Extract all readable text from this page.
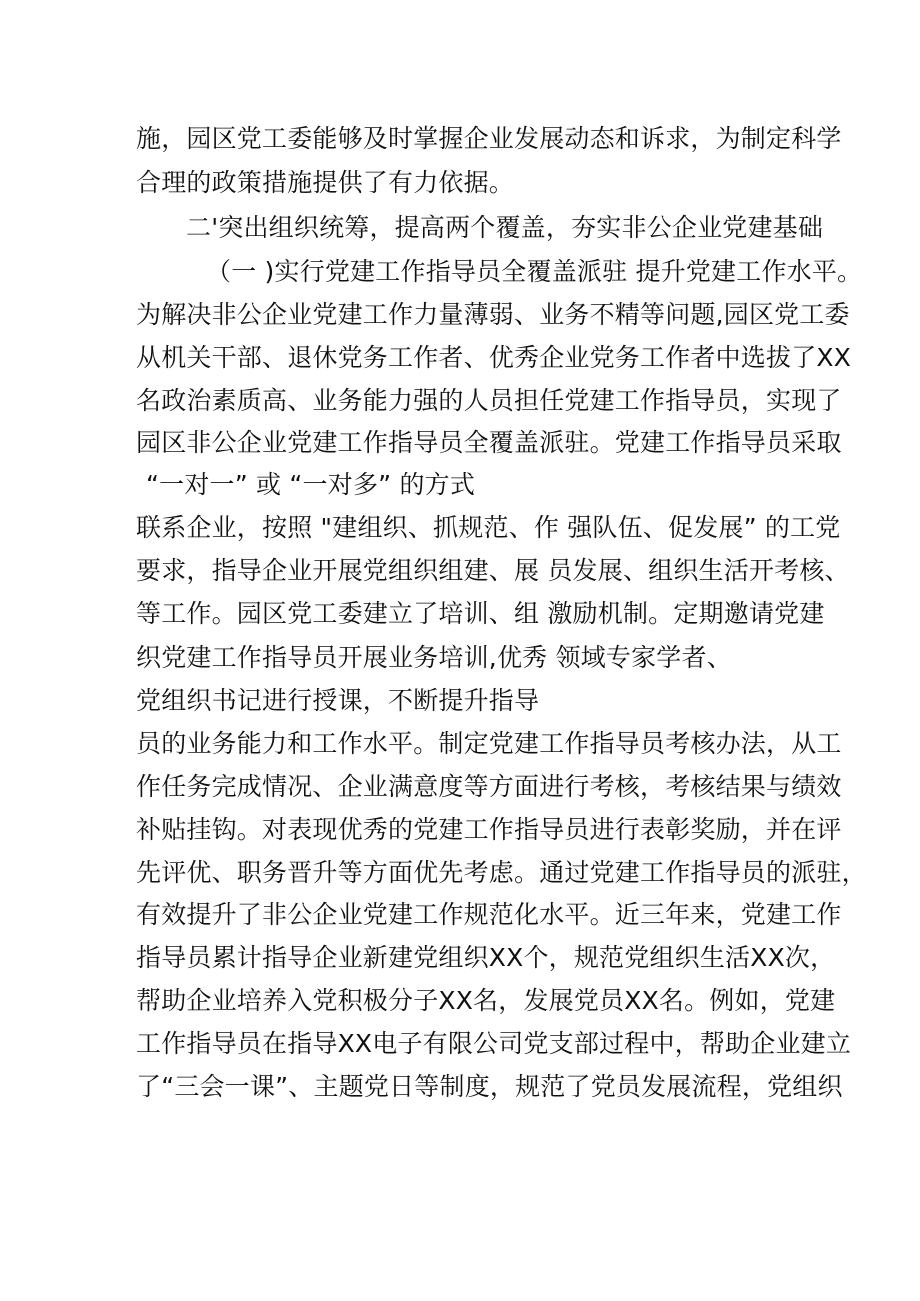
施，园区党工委能够及时掌握企业发展动态和诉求，为制定科学
合理的政策措施提供了有力依据。
二'突出组织统筹，提高两个覆盖，夯实非公企业党建基础
（一 )实行党建工作指导员全覆盖派驻 提升党建工作水平。
为解决非公企业党建工作力量薄弱、业务不精等问题,园区党工委
从机关干部、退休党务工作者、优秀企业党务工作者中选拔了XX
名政治素质高、业务能力强的人员担任党建工作指导员，实现了
园区非公企业党建工作指导员全覆盖派驻。党建工作指导员采取
“一对一” 或 “一对多” 的方式
联系企业，按照 "建组织、抓规范、作 强队伍、促发展” 的工党
要求，指导企业开展党组织组建、展 员发展、组织生活开考核、
等工作。园区党工委建立了培训、组 激励机制。定期邀请党建
织党建工作指导员开展业务培训,优秀 领域专家学者、
党组织书记进行授课，不断提升指导
员的业务能力和工作水平。制定党建工作指导员考核办法，从工
作任务完成情况、企业满意度等方面进行考核，考核结果与绩效
补贴挂钩。对表现优秀的党建工作指导员进行表彰奖励，并在评
先评优、职务晋升等方面优先考虑。通过党建工作指导员的派驻，
有效提升了非公企业党建工作规范化水平。近三年来，党建工作
指导员累计指导企业新建党组织XX个，规范党组织生活XX次，
帮助企业培养入党积极分子XX名，发展党员XX名。例如，党建
工作指导员在指导XX电子有限公司党支部过程中，帮助企业建立
了“三会一课”、主题党日等制度，规范了党员发展流程，党组织
